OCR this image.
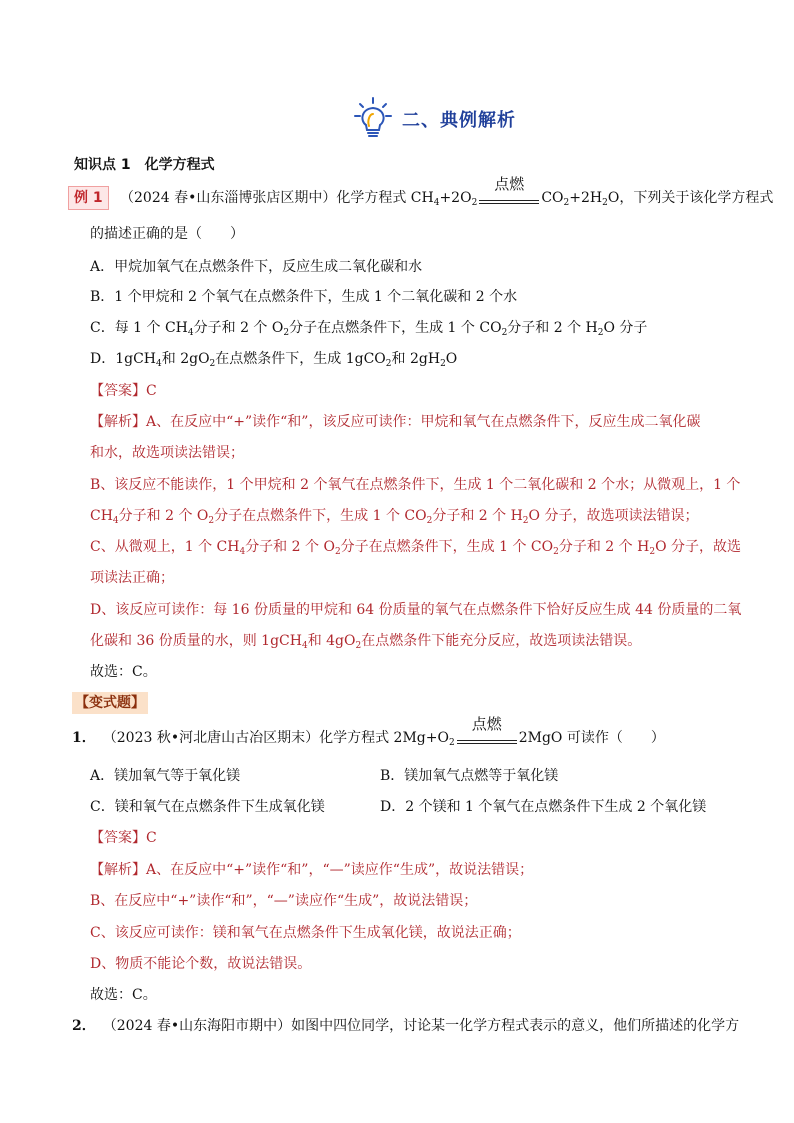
二、典例解析
知识点 1　化学方程式
例 1	（2024 春•山东淄博张店区期中）化学方程式 $CH_4+2O_2$
点燃
$CO_2+2H_2O$，下列关于该化学方程式
的描述正确的是（　　）
A．甲烷加氧气在点燃条件下，反应生成二氧化碳和水
B．1 个甲烷和 2 个氧气在点燃条件下，生成 1 个二氧化碳和 2 个水
C．每 1 个 $CH_4$分子和 2 个 $O_2$分子在点燃条件下，生成 1 个 $CO_2$分子和 2 个 $H_2O$ 分子
D．1gCH$_4$和 $2gO_2$在点燃条件下，生成 1gCO$_2$和 $2gH_2O$
【答案】C
【解析】A、在反应中“+”读作“和”，该反应可读作：甲烷和氧气在点燃条件下，反应生成二氧化碳
和水，故选项读法错误；
B、该反应不能读作，1 个甲烷和 2 个氧气在点燃条件下，生成 1 个二氧化碳和 2 个水；从微观上，1 个
$CH_4$分子和 2 个 $O_2$分子在点燃条件下，生成 1 个 $CO_2$分子和 2 个 $H_2O$ 分子，故选项读法错误；
C、从微观上，1 个 $CH_4$分子和 2 个 $O_2$分子在点燃条件下，生成 1 个 $CO_2$分子和 2 个 $H_2O$ 分子，故选
项读法正确；
D、该反应可读作：每 16 份质量的甲烷和 64 份质量的氧气在点燃条件下恰好反应生成 44 份质量的二氧
化碳和 36 份质量的水，则 1gCH$_4$和 $4gO_2$在点燃条件下能充分反应，故选项读法错误。
故选：C。
【变式题】
1． （2023 秋•河北唐山古冶区期末）化学方程式 $2Mg+O_2$
点燃
2MgO 可读作（　　）
A．镁加氧气等于氧化镁	B．镁加氧气点燃等于氧化镁
C．镁和氧气在点燃条件下生成氧化镁	D．2 个镁和 1 个氧气在点燃条件下生成 2 个氧化镁
【答案】C
【解析】A、在反应中“+”读作“和”，“—”读应作“生成”，故说法错误；
B、在反应中“+”读作“和”，“—”读应作“生成”，故说法错误；
C、该反应可读作：镁和氧气在点燃条件下生成氧化镁，故说法正确；
D、物质不能论个数，故说法错误。
故选：C。
2． （2024 春•山东海阳市期中）如图中四位同学，讨论某一化学方程式表示的意义，他们所描述的化学方
